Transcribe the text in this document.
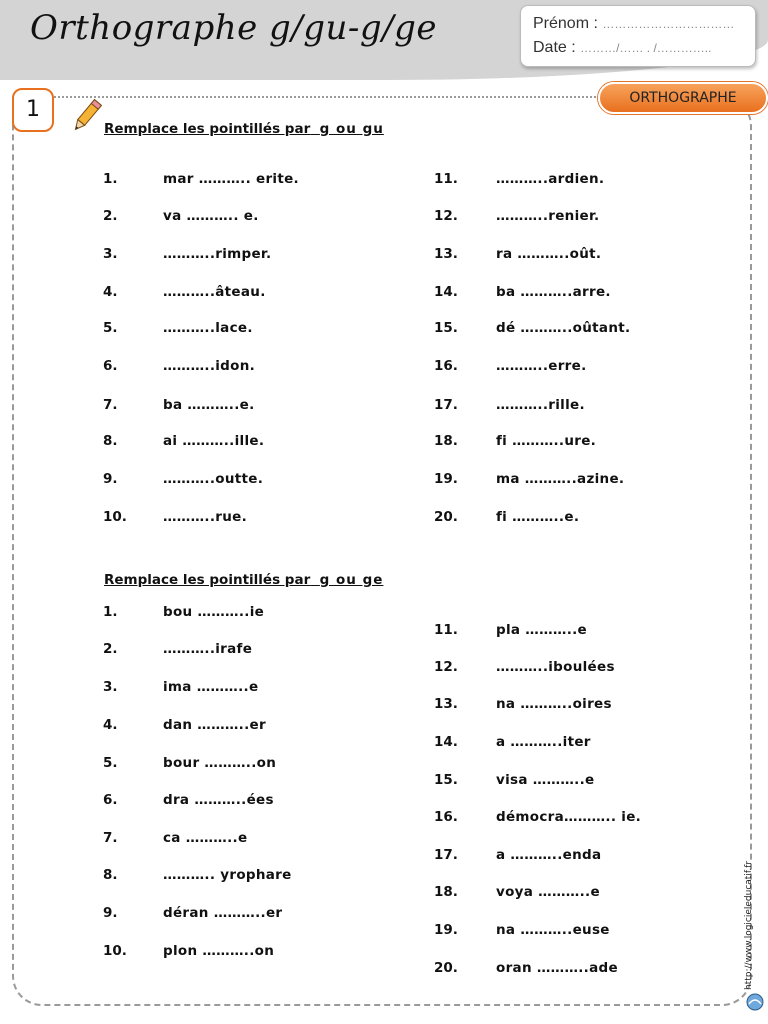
Orthographe g/gu-g/ge	Prénom : ……………………………
Date : ………/…… . /…………..
ORTHOGRAPHE
1
Remplace les pointillés par g ou gu
1.	mar ……….. erite.
2.	va ……….. e.
3.	………..rimper.
4.	………..âteau.
5.	………..lace.
6.	………..idon.
7.	ba ………..e.
8.	ai ………..ille.
9.	………..outte.
10.	………..rue.
11.	………..ardien.
12.	………..renier.
13.	ra ………..oût.
14.	ba ………..arre.
15.	dé ………..oûtant.
16.	………..erre.
17.	………..rille.
18.	fi ………..ure.
19.	ma ………..azine.
20.	fi ………..e.
Remplace les pointillés par g ou ge
1.	bou ………..ie
2.	………..irafe
3.	ima ………..e
4.	dan ………..er
5.	bour ………..on
6.	dra ………..ées
7.	ca ………..e
8.	……….. yrophare
9.	déran ………..er
10.	plon ………..on
11.	pla ………..e
12.	………..iboulées
13.	na ………..oires
14.	a ………..iter
15.	visa ………..e
16.	démocra……….. ie.
17.	a ………..enda
18.	voya ………..e
19.	na ………..euse
20.	oran ………..ade	http://www.logicieleducatif.fr
